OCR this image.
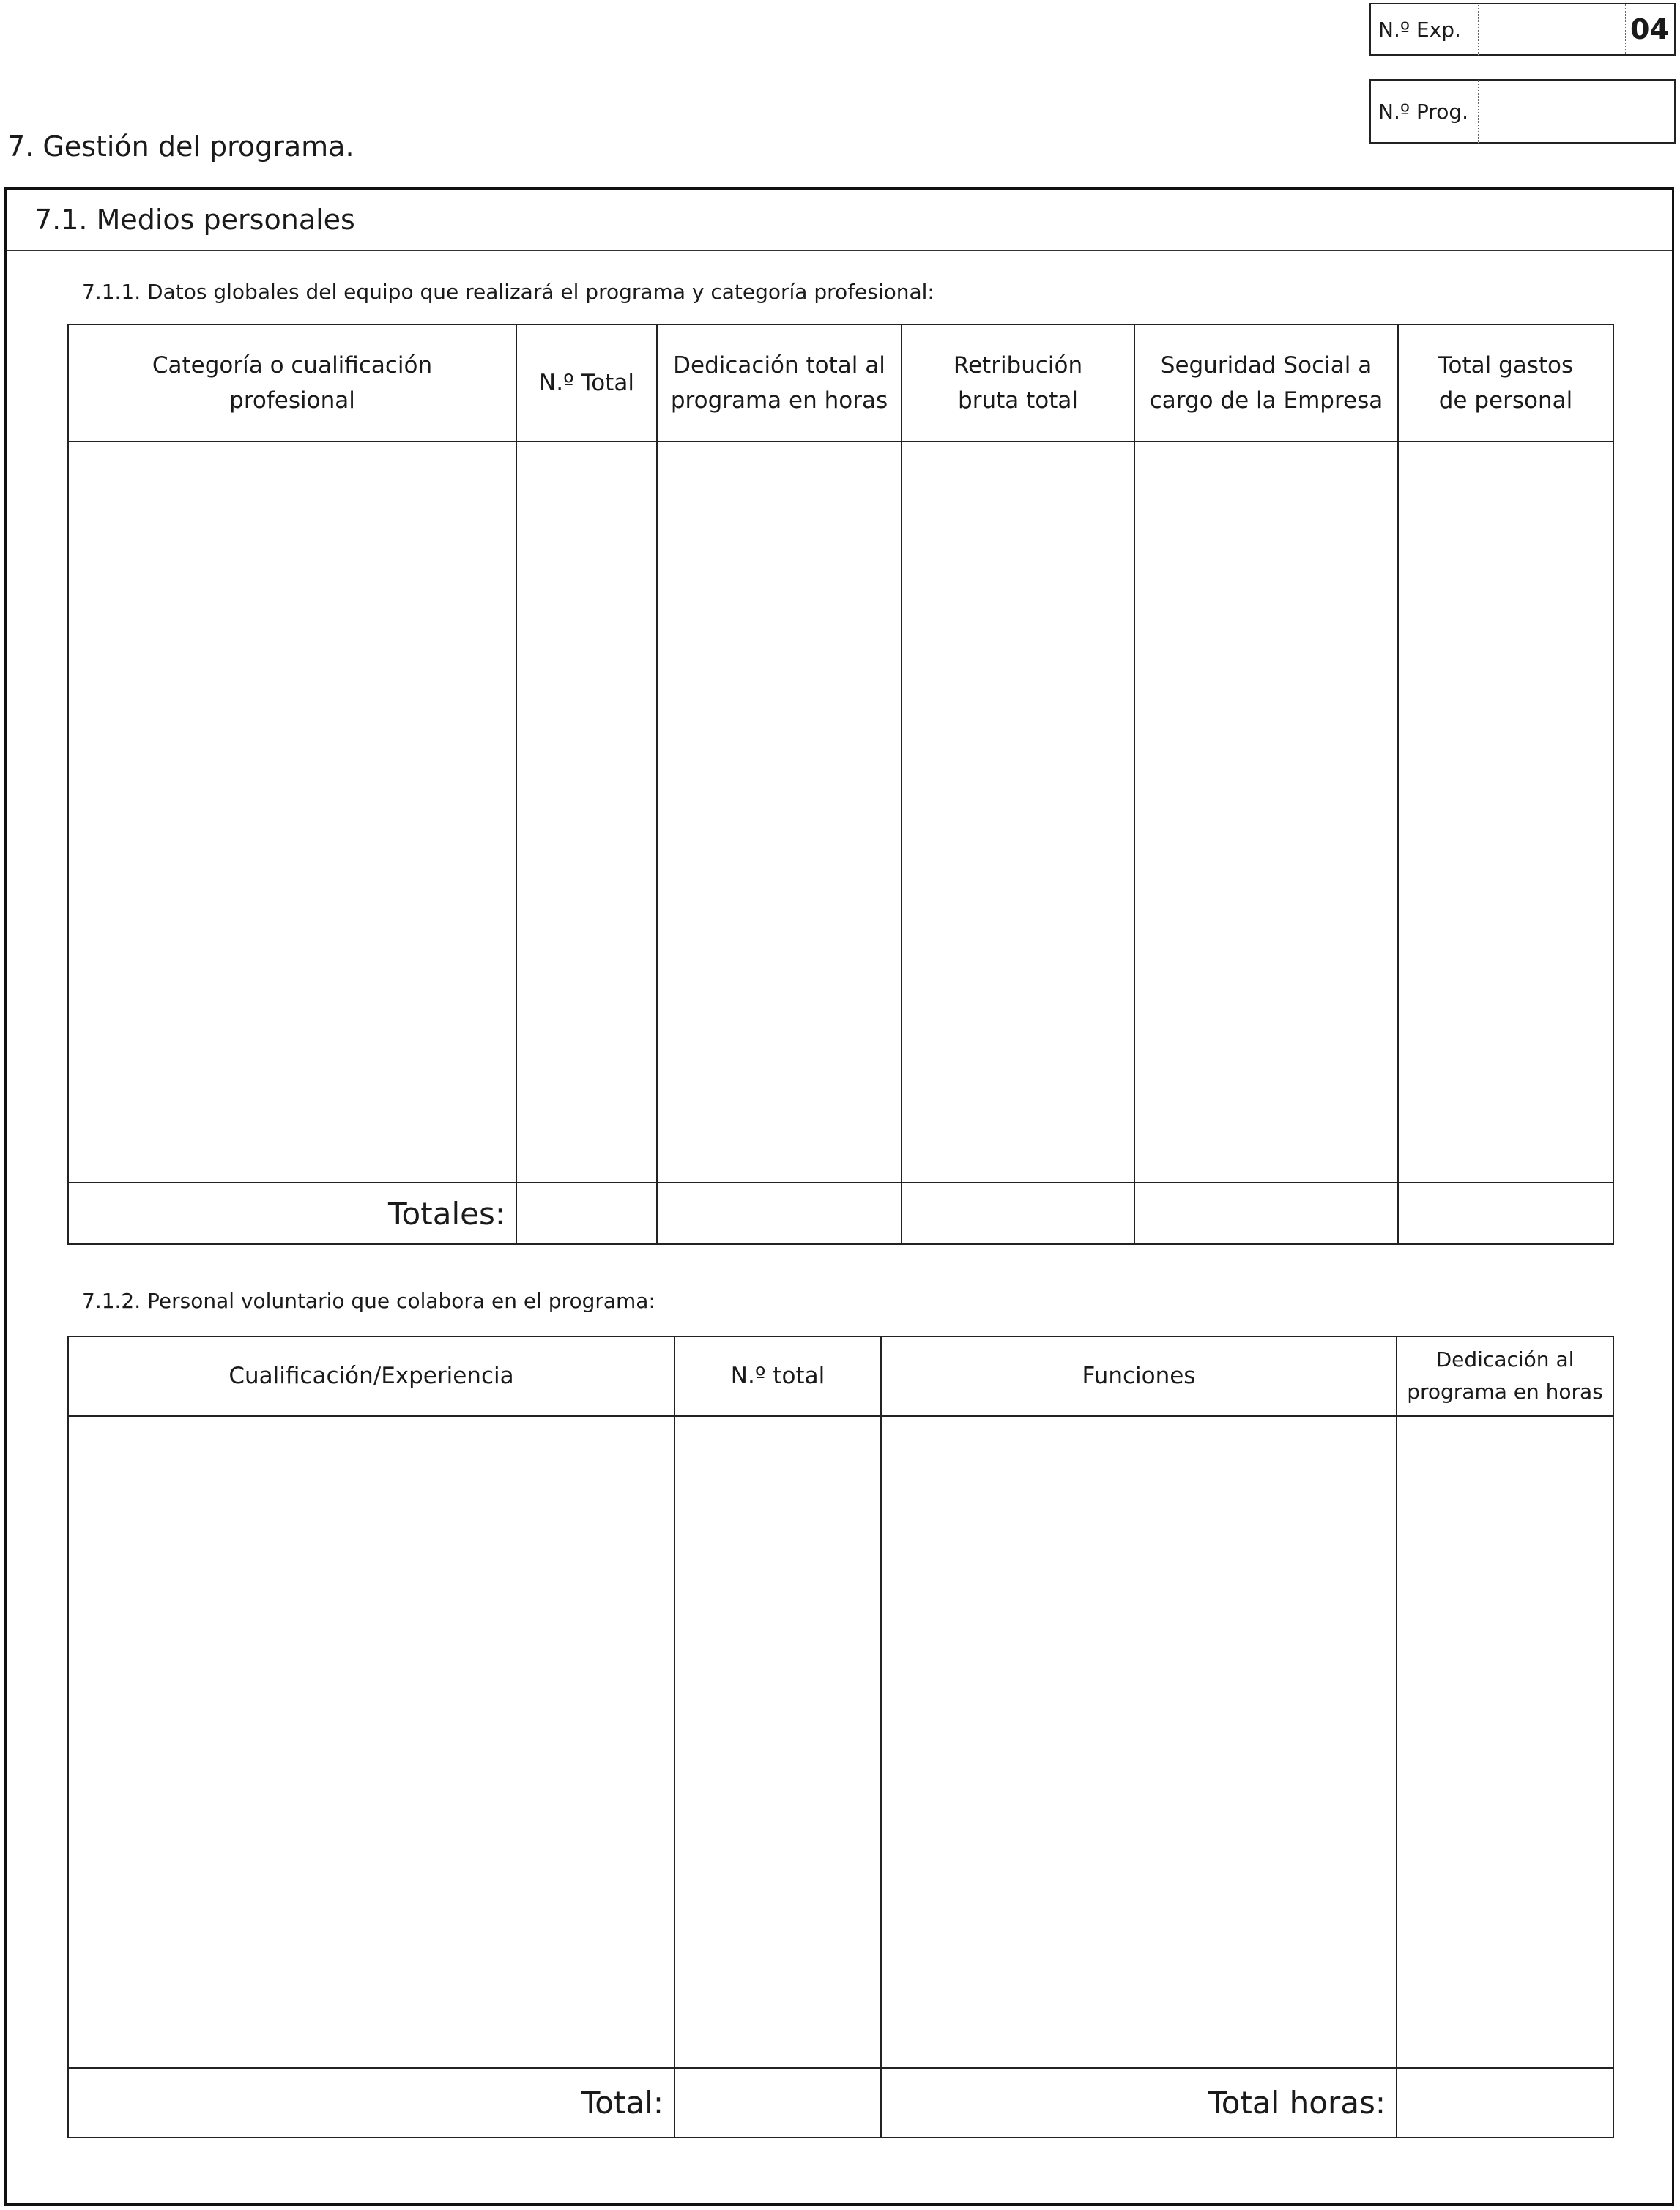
N.º Exp.	04
N.º Prog.
7. Gestión del programa.
7.1. Medios personales
7.1.1. Datos globales del equipo que realizará el programa y categoría profesional:
Categoría o cualificación profesional	N.º Total	Dedicación total al programa en horas	Retribución bruta total	Seguridad Social a cargo de la Empresa	Total gastos de personal

Totales:					
7.1.2. Personal voluntario que colabora en el programa:
Cualificación/Experiencia	N.º total	Funciones	Dedicación al programa en horas

Total:		Total horas:	
